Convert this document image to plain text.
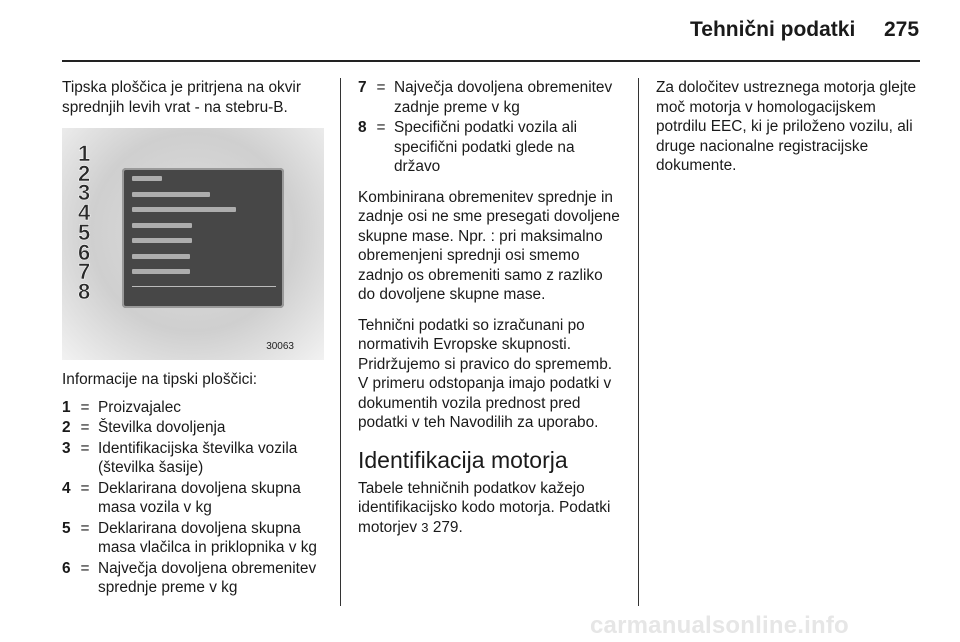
Tehnični podatki 275

Tipska ploščica je pritrjena na okvir sprednjih levih vrat - na stebru-B.

1
2
3
4
5
6
7
8
30063

Informacije na tipski ploščici:

1 = Proizvajalec
2 = Številka dovoljenja
3 = Identifikacijska številka vozila (številka šasije)
4 = Deklarirana dovoljena skupna masa vozila v kg
5 = Deklarirana dovoljena skupna masa vlačilca in priklopnika v kg
6 = Največja dovoljena obremenitev sprednje preme v kg
7 = Največja dovoljena obremenitev zadnje preme v kg
8 = Specifični podatki vozila ali specifični podatki glede na državo

Kombinirana obremenitev sprednje in zadnje osi ne sme presegati dovoljene skupne mase. Npr. : pri maksimalno obremenjeni sprednji osi smemo zadnjo os obremeniti samo z razliko do dovoljene skupne mase.

Tehnični podatki so izračunani po normativih Evropske skupnosti. Pridržujemo si pravico do sprememb. V primeru odstopanja imajo podatki v dokumentih vozila prednost pred podatki v teh Navodilih za uporabo.

Identifikacija motorja

Tabele tehničnih podatkov kažejo identifikacijsko kodo motorja. Podatki motorjev 3 279.

Za določitev ustreznega motorja glejte moč motorja v homologacijskem potrdilu EEC, ki je priloženo vozilu, ali druge nacionalne registracijske dokumente.

carmanualsonline.info
